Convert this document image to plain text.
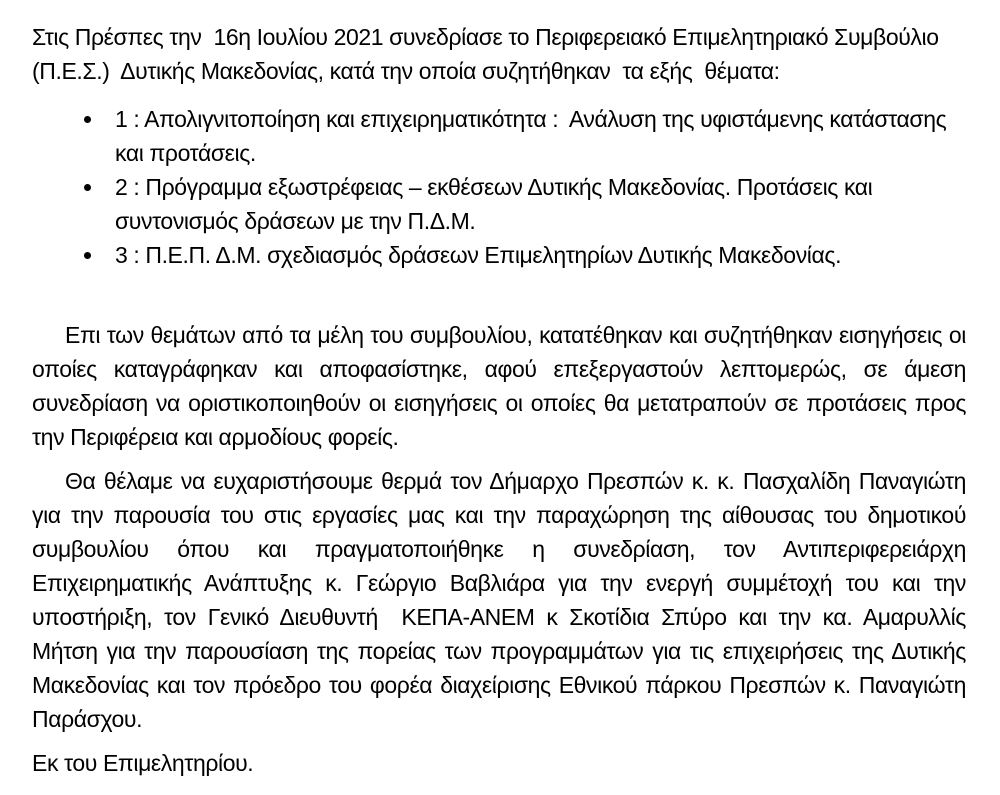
Στις Πρέσπες την  16η Ιουλίου 2021 συνεδρίασε το Περιφερειακό Επιμελητηριακό Συμβούλιο (Π.Ε.Σ.)  Δυτικής Μακεδονίας, κατά την οποία συζητήθηκαν  τα εξής  θέματα:

• 1 : Απολιγνιτοποίηση και επιχειρηματικότητα :  Ανάλυση της υφιστάμενης κατάστασης και προτάσεις.
• 2 : Πρόγραμμα εξωστρέφειας – εκθέσεων Δυτικής Μακεδονίας. Προτάσεις και συντονισμός δράσεων με την Π.Δ.Μ.
• 3 : Π.Ε.Π. Δ.Μ. σχεδιασμός δράσεων Επιμελητηρίων Δυτικής Μακεδονίας.

Επι των θεμάτων από τα μέλη του συμβουλίου, κατατέθηκαν και συζητήθηκαν εισηγήσεις οι οποίες καταγράφηκαν και αποφασίστηκε, αφού επεξεργαστούν λεπτομερώς, σε άμεση συνεδρίαση να οριστικοποιηθούν οι εισηγήσεις οι οποίες θα μετατραπούν σε προτάσεις προς την Περιφέρεια και αρμοδίους φορείς.

Θα θέλαμε να ευχαριστήσουμε θερμά τον Δήμαρχο Πρεσπών κ. κ. Πασχαλίδη Παναγιώτη για την παρουσία του στις εργασίες μας και την παραχώρηση της αίθουσας του δημοτικού συμβουλίου όπου και πραγματοποιήθηκε η συνεδρίαση, τον Αντιπεριφερειάρχη Επιχειρηματικής Ανάπτυξης κ. Γεώργιο Βαβλιάρα για την ενεργή συμμέτοχή του και την υποστήριξη, τον Γενικό Διευθυντή  ΚΕΠΑ-ΑΝΕΜ κ Σκοτίδια Σπύρο και την κα. Αμαρυλλίς Μήτση για την παρουσίαση της πορείας των προγραμμάτων για τις επιχειρήσεις της Δυτικής Μακεδονίας και τον πρόεδρο του φορέα διαχείρισης Εθνικού πάρκου Πρεσπών κ. Παναγιώτη Παράσχου.

Εκ του Επιμελητηρίου.
